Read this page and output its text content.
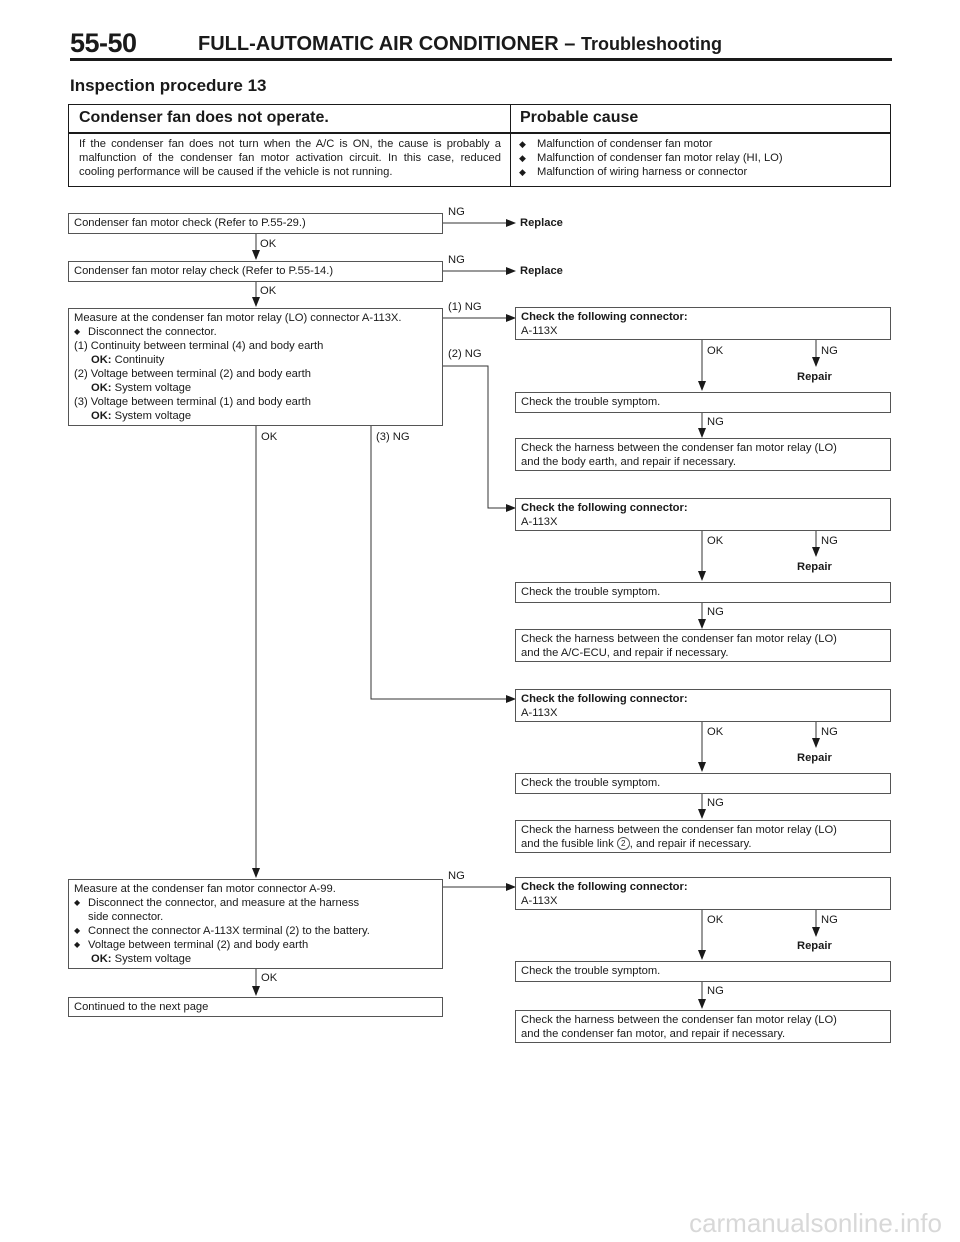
55-50	FULL-AUTOMATIC AIR CONDITIONER – Troubleshooting
Inspection procedure 13
Condenser fan does not operate.	Probable cause
If the condenser fan does not turn when the A/C is ON, the cause is probably a malfunction of the condenser fan motor activation circuit. In this case, reduced cooling performance will be caused if the vehicle is not running.
◆ Malfunction of condenser fan motor
◆ Malfunction of condenser fan motor relay (HI, LO)
◆ Malfunction of wiring harness or connector
Condenser fan motor check (Refer to P.55-29.)
NG
Replace
OK
Condenser fan motor relay check (Refer to P.55-14.)
NG
Replace
OK
Measure at the condenser fan motor relay (LO) connector A-113X.
◆ Disconnect the connector.
(1) Continuity between terminal (4) and body earth
OK: Continuity
(2) Voltage between terminal (2) and body earth
OK: System voltage
(3) Voltage between terminal (1) and body earth
OK: System voltage
(1) NG
(2) NG
OK	(3) NG
Measure at the condenser fan motor connector A-99.
◆ Disconnect the connector, and measure at the harness
side connector.
◆ Connect the connector A-113X terminal (2) to the battery.
◆ Voltage between terminal (2) and body earth
OK: System voltage
NG
OK
Continued to the next page
Check the following connector:
A-113X
OK	NG
Repair
Check the trouble symptom.
NG
Check the harness between the condenser fan motor relay (LO)
and the body earth, and repair if necessary.
Check the following connector:
A-113X
OK	NG
Repair
Check the trouble symptom.
NG
Check the harness between the condenser fan motor relay (LO)
and the A/C-ECU, and repair if necessary.
Check the following connector:
A-113X
OK	NG
Repair
Check the trouble symptom.
NG
Check the harness between the condenser fan motor relay (LO)
and the fusible link 2 , and repair if necessary.
Check the following connector:
A-113X
OK	NG
Repair
Check the trouble symptom.
NG
Check the harness between the condenser fan motor relay (LO)
and the condenser fan motor, and repair if necessary.
carmanualsonline.info
